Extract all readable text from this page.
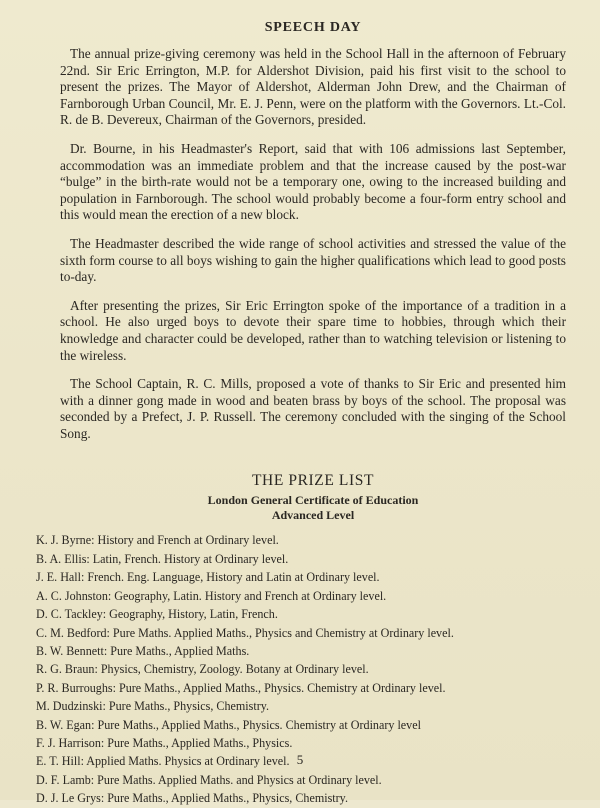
SPEECH DAY

The annual prize-giving ceremony was held in the School Hall in the afternoon of February 22nd. Sir Eric Errington, M.P. for Aldershot Division, paid his first visit to the school to present the prizes. The Mayor of Aldershot, Alderman John Drew, and the Chairman of Farnborough Urban Council, Mr. E. J. Penn, were on the platform with the Governors. Lt.-Col. R. de B. Devereux, Chairman of the Governors, presided.

Dr. Bourne, in his Headmaster's Report, said that with 106 admissions last September, accommodation was an immediate problem and that the increase caused by the post-war “bulge” in the birth-rate would not be a temporary one, owing to the increased building and population in Farnborough. The school would probably become a four-form entry school and this would mean the erection of a new block.

The Headmaster described the wide range of school activities and stressed the value of the sixth form course to all boys wishing to gain the higher qualifications which lead to good posts to-day.

After presenting the prizes, Sir Eric Errington spoke of the importance of a tradition in a school. He also urged boys to devote their spare time to hobbies, through which their knowledge and character could be developed, rather than to watching television or listening to the wireless.

The School Captain, R. C. Mills, proposed a vote of thanks to Sir Eric and presented him with a dinner gong made in wood and beaten brass by boys of the school. The proposal was seconded by a Prefect, J. P. Russell. The ceremony concluded with the singing of the School Song.

THE PRIZE LIST
London General Certificate of Education
Advanced Level
K. J. Byrne: History and French at Ordinary level.
B. A. Ellis: Latin, French. History at Ordinary level.
J. E. Hall: French. Eng. Language, History and Latin at Ordinary level.
A. C. Johnston: Geography, Latin. History and French at Ordinary level.
D. C. Tackley: Geography, History, Latin, French.
C. M. Bedford: Pure Maths. Applied Maths., Physics and Chemistry at Ordinary level.
B. W. Bennett: Pure Maths., Applied Maths.
R. G. Braun: Physics, Chemistry, Zoology. Botany at Ordinary level.
P. R. Burroughs: Pure Maths., Applied Maths., Physics. Chemistry at Ordinary level.
M. Dudzinski: Pure Maths., Physics, Chemistry.
B. W. Egan: Pure Maths., Applied Maths., Physics. Chemistry at Ordinary level
F. J. Harrison: Pure Maths., Applied Maths., Physics.
E. T. Hill: Applied Maths. Physics at Ordinary level.
D. F. Lamb: Pure Maths. Applied Maths. and Physics at Ordinary level.
D. J. Le Grys: Pure Maths., Applied Maths., Physics, Chemistry.
5
